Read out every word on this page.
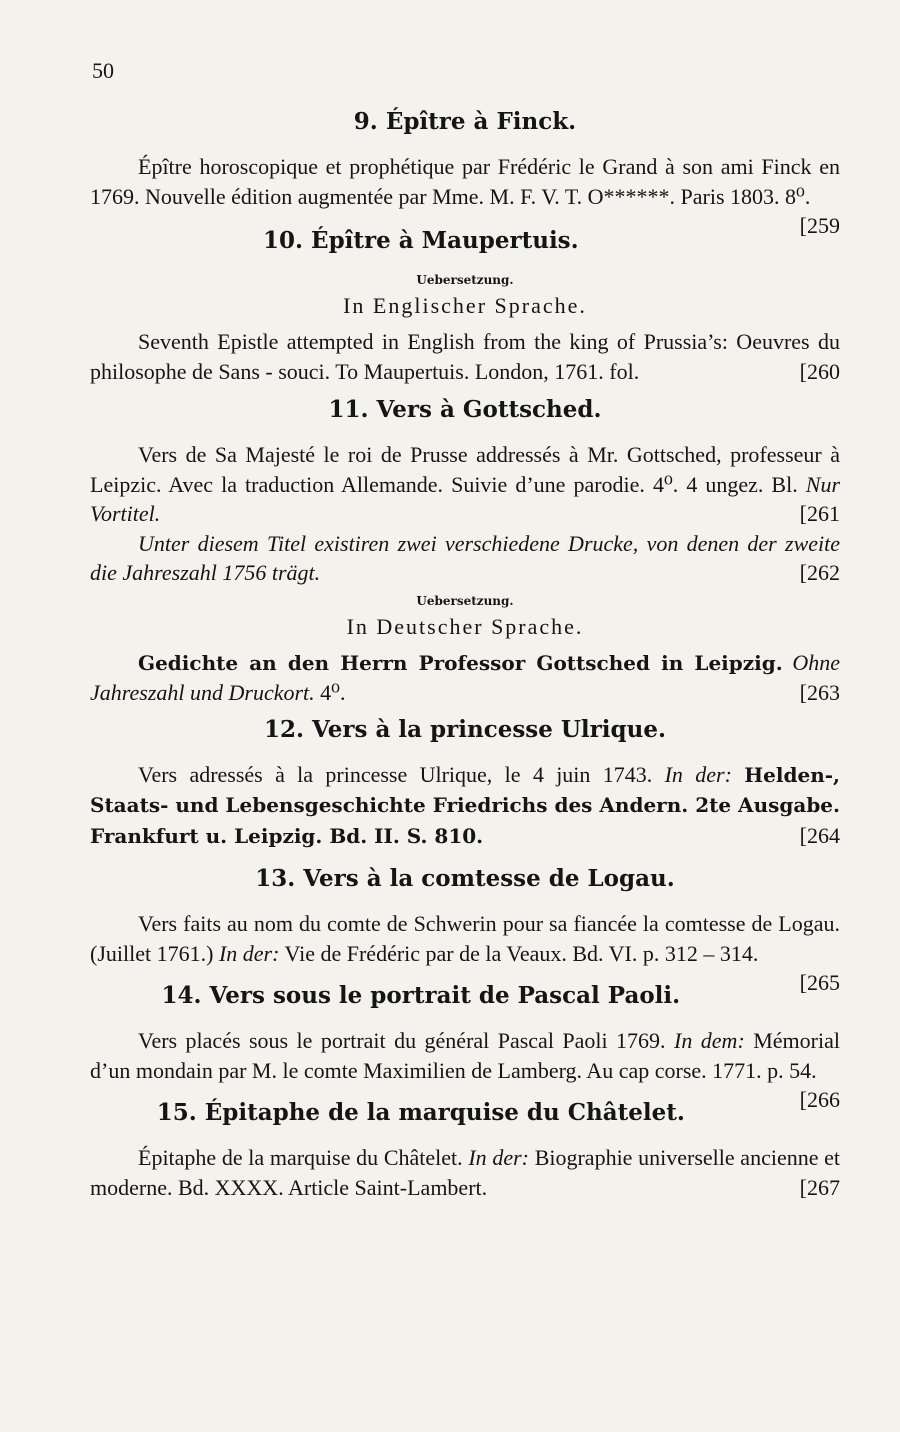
50
9. Épître à Finck.

Épître horoscopique et prophétique par Frédéric le Grand à son ami Finck en 1769. Nouvelle édition augmentée par Mme. M. F. V. T. O******. Paris 1803. 8⁰.
[259

10. Épître à Maupertuis.
Uebersetzung.
In Englischer Sprache.

Seventh Epistle attempted in English from the king of Prussia’s: Oeuvres du philosophe de Sans - souci. To Maupertuis. London, 1761. fol.	[260

11. Vers à Gottsched.

Vers de Sa Majesté le roi de Prusse addressés à Mr. Gottsched, professeur à Leipzic. Avec la traduction Allemande. Suivie d’une parodie. 4⁰. 4 ungez. Bl. Nur Vortitel.	[261

Unter diesem Titel existiren zwei verschiedene Drucke, von denen der zweite die Jahreszahl 1756 trägt.	[262

Uebersetzung.
In Deutscher Sprache.

Gedichte an den Herrn Professor Gottsched in Leipzig. Ohne Jahreszahl und Druckort. 4⁰.	[263

12. Vers à la princesse Ulrique.

Vers adressés à la princesse Ulrique, le 4 juin 1743. In der: Helden-, Staats- und Lebensgeschichte Friedrichs des Andern. 2te Ausgabe. Frankfurt u. Leipzig. Bd. II. S. 810.	[264

13. Vers à la comtesse de Logau.

Vers faits au nom du comte de Schwerin pour sa fiancée la comtesse de Logau. (Juillet 1761.) In der: Vie de Frédéric par de la Veaux. Bd. VI. p. 312 – 314.
[265

14. Vers sous le portrait de Pascal Paoli.

Vers placés sous le portrait du général Pascal Paoli 1769. In dem: Mémorial d’un mondain par M. le comte Maximilien de Lamberg. Au cap corse. 1771. p. 54.
[266

15. Épitaphe de la marquise du Châtelet.

Épitaphe de la marquise du Châtelet. In der: Biographie universelle ancienne et moderne. Bd. XXXX. Article Saint-Lambert.	[267
